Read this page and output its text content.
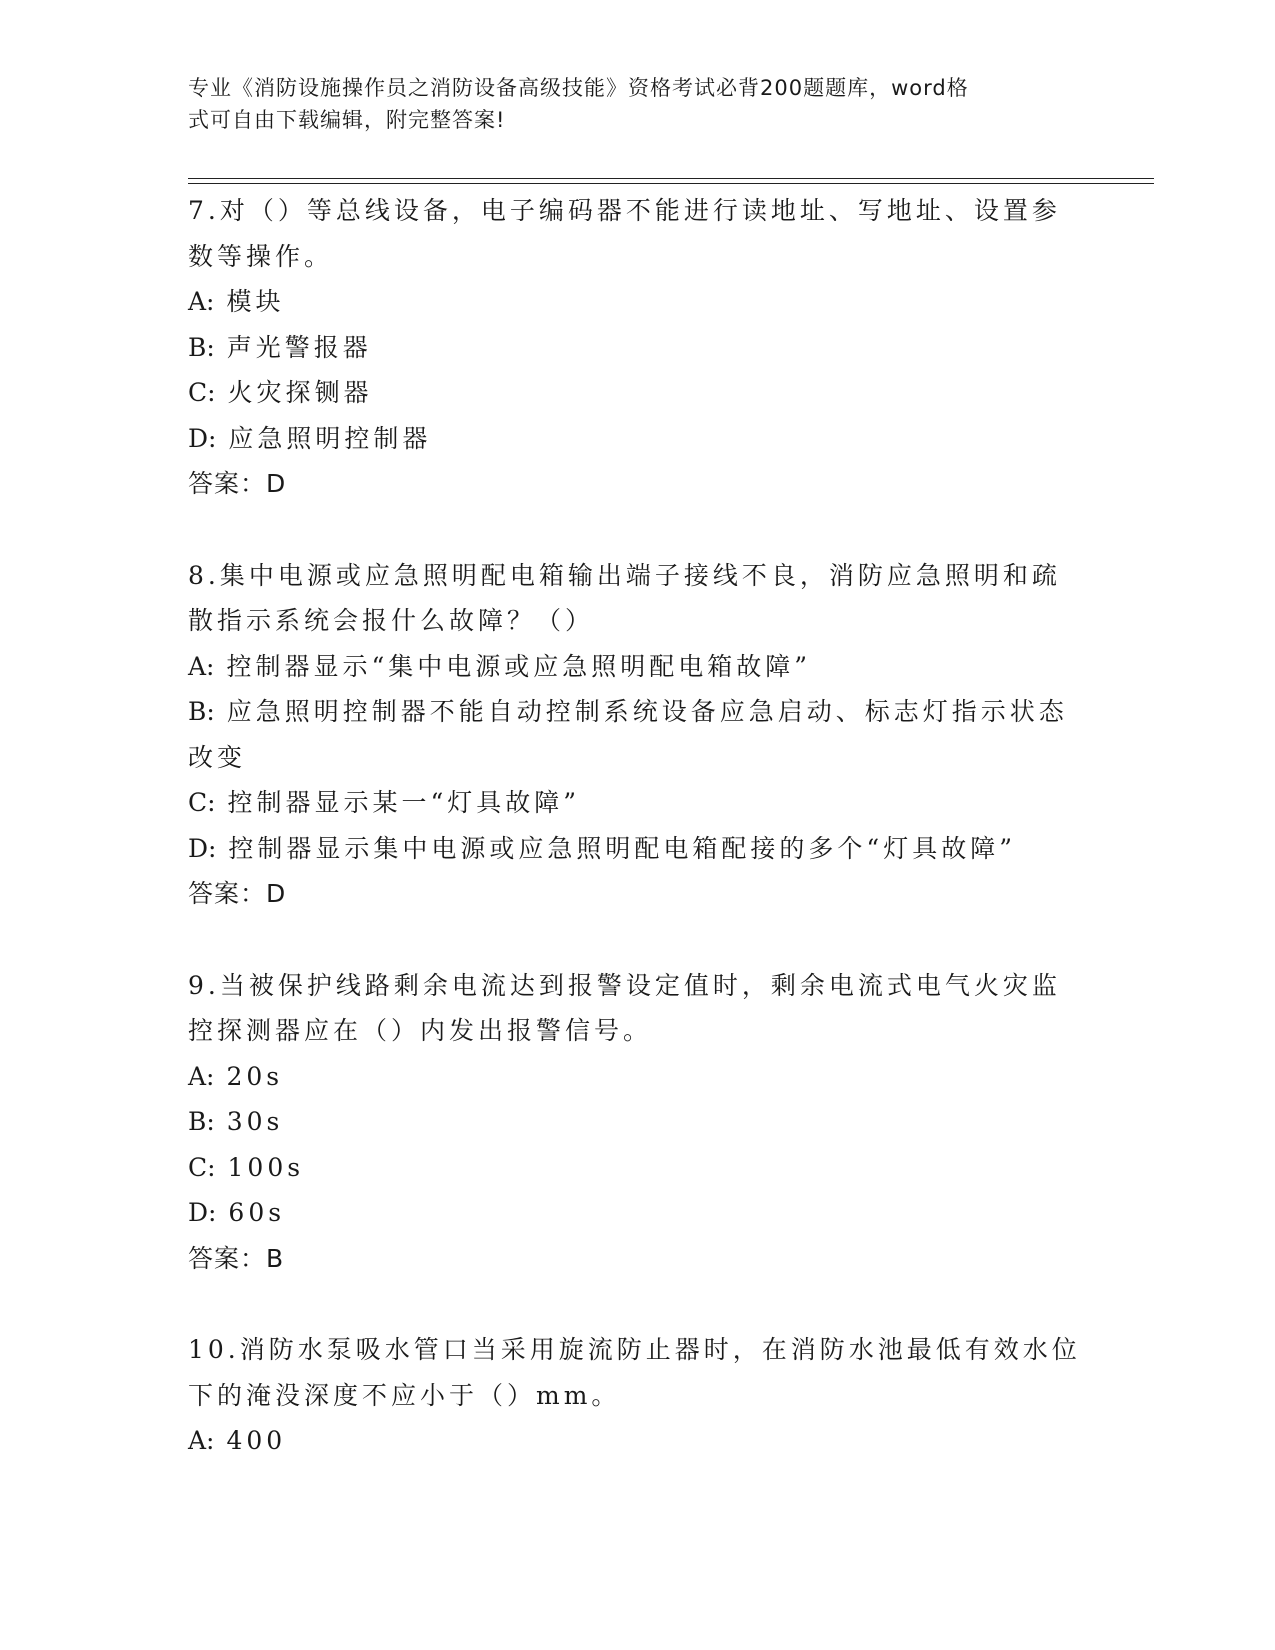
专业《消防设施操作员之消防设备高级技能》资格考试必背200题题库，word格
式可自由下载编辑，附完整答案!
7.对（）等总线设备，电子编码器不能进行读地址、写地址、设置参
数等操作。
A: 模块
B: 声光警报器
C: 火灾探铡器
D: 应急照明控制器
答案：D
8.集中电源或应急照明配电箱输出端子接线不良，消防应急照明和疏
散指示系统会报什么故障？（）
A: 控制器显示“集中电源或应急照明配电箱故障”
B: 应急照明控制器不能自动控制系统设备应急启动、标志灯指示状态
改变
C: 控制器显示某一“灯具故障”
D: 控制器显示集中电源或应急照明配电箱配接的多个“灯具故障”
答案：D
9.当被保护线路剩余电流达到报警设定值时，剩余电流式电气火灾监
控探测器应在（）内发出报警信号。
A: 20s
B: 30s
C: 100s
D: 60s
答案：B
10.消防水泵吸水管口当采用旋流防止器时，在消防水池最低有效水位
下的淹没深度不应小于（）mm。
A: 400
